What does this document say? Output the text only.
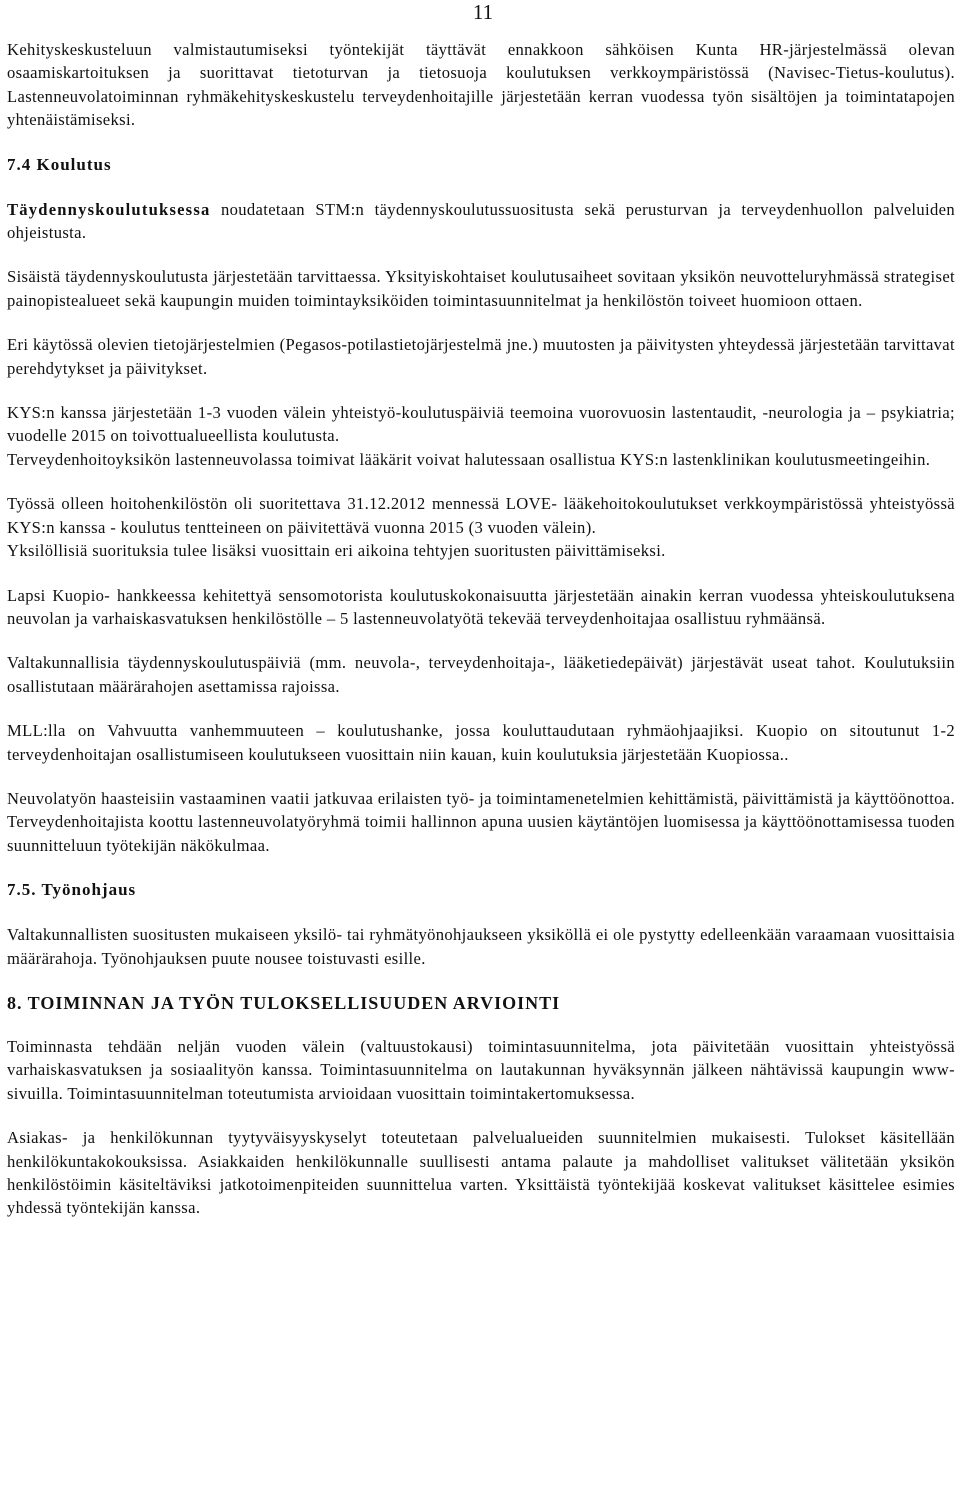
11

Kehityskeskusteluun valmistautumiseksi työntekijät täyttävät ennakkoon sähköisen Kunta HR-järjestelmässä olevan osaamiskartoituksen ja suorittavat tietoturvan ja tietosuoja koulutuksen verkkoympäristössä (Navisec-Tietus-koulutus). Lastenneuvolatoiminnan ryhmäkehityskeskustelu terveydenhoitajille järjestetään kerran vuodessa työn sisältöjen ja toimintatapojen yhtenäistämiseksi.

7.4 Koulutus

Täydennyskoulutuksessa noudatetaan STM:n täydennyskoulutussuositusta sekä perusturvan ja terveydenhuollon palveluiden ohjeistusta.

Sisäistä täydennyskoulutusta järjestetään tarvittaessa. Yksityiskohtaiset koulutusaiheet sovitaan yksikön neuvotteluryhmässä strategiset painopistealueet sekä kaupungin muiden toimintayksiköiden toimintasuunnitelmat ja henkilöstön toiveet huomioon ottaen.

Eri käytössä olevien tietojärjestelmien (Pegasos-potilastietojärjestelmä jne.) muutosten ja päivitysten yhteydessä järjestetään tarvittavat perehdytykset ja päivitykset.

KYS:n kanssa järjestetään 1-3 vuoden välein yhteistyö-koulutuspäiviä teemoina vuorovuosin lastentaudit, -neurologia ja – psykiatria; vuodelle 2015 on toivottualueellista koulutusta.

Terveydenhoitoyksikön lastenneuvolassa toimivat lääkärit voivat halutessaan osallistua KYS:n lastenklinikan koulutusmeetingeihin.

Työssä olleen hoitohenkilöstön oli suoritettava 31.12.2012 mennessä LOVE- lääkehoitokoulutukset verkkoympäristössä yhteistyössä KYS:n kanssa - koulutus tentteineen on päivitettävä vuonna 2015 (3 vuoden välein).

Yksilöllisiä suorituksia tulee lisäksi vuosittain eri aikoina tehtyjen suoritusten päivittämiseksi.

Lapsi Kuopio- hankkeessa kehitettyä sensomotorista koulutuskokonaisuutta järjestetään ainakin kerran vuodessa yhteiskoulutuksena neuvolan ja varhaiskasvatuksen henkilöstölle – 5 lastenneuvolatyötä tekevää terveydenhoitajaa osallistuu ryhmäänsä.

Valtakunnallisia täydennyskoulutuspäiviä (mm. neuvola-, terveydenhoitaja-, lääketiedepäivät) järjestävät useat tahot. Koulutuksiin osallistutaan määrärahojen asettamissa rajoissa.

MLL:lla on Vahvuutta vanhemmuuteen – koulutushanke, jossa kouluttaudutaan ryhmäohjaajiksi. Kuopio on sitoutunut 1-2 terveydenhoitajan osallistumiseen koulutukseen vuosittain niin kauan, kuin koulutuksia järjestetään Kuopiossa..

Neuvolatyön haasteisiin vastaaminen vaatii jatkuvaa erilaisten työ- ja toimintamenetelmien kehittämistä, päivittämistä ja käyttöönottoa. Terveydenhoitajista koottu lastenneuvolatyöryhmä toimii hallinnon apuna uusien käytäntöjen luomisessa ja käyttöönottamisessa tuoden suunnitteluun työtekijän näkökulmaa.

7.5. Työnohjaus

Valtakunnallisten suositusten mukaiseen yksilö- tai ryhmätyönohjaukseen yksiköllä ei ole pystytty edelleenkään varaamaan vuosittaisia määrärahoja. Työnohjauksen puute nousee toistuvasti esille.

8. TOIMINNAN JA TYÖN TULOKSELLISUUDEN ARVIOINTI

Toiminnasta tehdään neljän vuoden välein (valtuustokausi) toimintasuunnitelma, jota päivitetään vuosittain yhteistyössä varhaiskasvatuksen ja sosiaalityön kanssa. Toimintasuunnitelma on lautakunnan hyväksynnän jälkeen nähtävissä kaupungin www- sivuilla. Toimintasuunnitelman toteutumista arvioidaan vuosittain toimintakertomuksessa.

Asiakas- ja henkilökunnan tyytyväisyyskyselyt toteutetaan palvelualueiden suunnitelmien mukaisesti. Tulokset käsitellään henkilökuntakokouksissa. Asiakkaiden henkilökunnalle suullisesti antama palaute ja mahdolliset valitukset välitetään yksikön henkilöstöimin käsiteltäviksi jatkotoimenpiteiden suunnittelua varten. Yksittäistä työntekijää koskevat valitukset käsittelee esimies yhdessä työntekijän kanssa.
